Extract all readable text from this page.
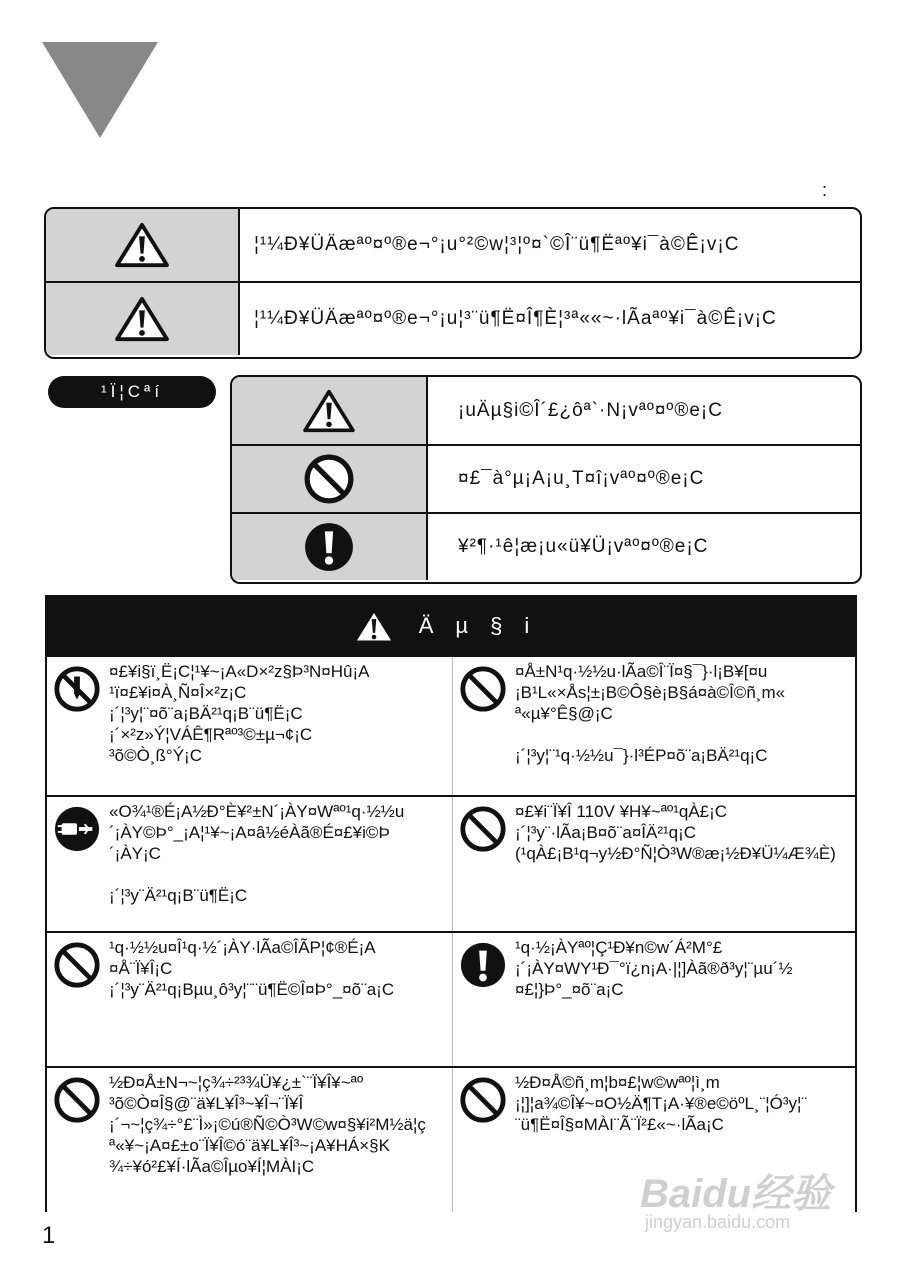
:
¦¹¼Ð¥ÜÄæªº¤º®e¬°¡u°²©w¦³¦º¤`©Î¨ü¶Ëªº¥i¯à©Ê¡v¡C
¦¹¼Ð¥ÜÄæªº¤º®e¬°¡u¦³¨ü¶Ë¤Î¶È¦³ª««~·lÃaªº¥i¯à©Ê¡v¡C
¹Ï¦Cªí
¡uÄµ§i©Î´£¿ôª`·N¡vªº¤º®e¡C
¤£¯à°µ¡A¡u¸T¤î¡vªº¤º®e¡C
¥²¶·¹ê¦æ¡u«ü¥Ü¡vªº¤º®e¡C
Äµ§i
¤£¥i§ï¸Ë¡C¦¹¥~¡A«D×²z§Þ³N¤Hû¡A
¹ï¤£¥i¤À¸Ñ¤Î×²z¡C
¡´¦³y¦¨¤õ¨a¡BÄ²¹q¡B¨ü¶Ë¡C
¡´×²z»Ý¦VÁÊ¶Rªº³©±µ¬¢¡C
³õ©Ò¸ß°Ý¡C
¤Å±N¹q·½½u·lÃa©Î¨Ï¤§¯}·l¡B¥[¤u
¡B¹L«×Ås¦±¡B©Ô§è¡B§á¤à©Î©ñ¸m«
ª«µ¥°Ê§@¡C

¡´¦³y¦¨¹q·½½u¯}·l³ÉP¤õ¨a¡BÄ²¹q¡C
«O¾¹®É¡A½Ð°È¥²±N´¡ÀY¤Wªº¹q·½½u
´¡ÀY©Þ°_¡A¦¹¥~¡A¤â½éÀã®É¤£¥i©Þ
´¡ÀY¡C

¡´¦³y¨Ä²¹q¡B¨ü¶Ë¡C
¤£¥i¨Ï¥Î 110V ¥H¥~ªº¹qÀ£¡C
¡´¦³y¨·lÃa¡B¤õ¨a¤ÎÄ²¹q¡C
(¹qÀ£¡B¹q¬y½Ð°Ñ¦Ò³W®æ¡½Ð¥Ü¼Æ¾È)
¹q·½½u¤Î¹q·½´¡ÀY·lÃa©ÎÃP¦¢®É¡A
¤Å¨Ï¥Î¡C
¡´¦³y¨Ä²¹q¡Bµu¸ô³y¦¨¨ü¶Ë©Î¤Þ°_¤õ¨a¡C
¹q·½¡ÀYªº¦Ç¹Ð¥n©w´Á²M°£
¡´¡ÀY¤WY¹Ð¯°ï¿n¡A·|¦]Àã®ð³y¦¨µu´½
¤£¦}Þ°_¤õ¨a¡C
½Ð¤Å±N¬~¦ç¾÷²³¾Ü¥¿±`¨Ï¥Î¥~ªº
³õ©Ò¤Î§@¨ä¥L¥Î³~¥Î¬¨Ï¥Î
¡´¬~¦ç¾÷°£¨Ì»¡©ú®Ñ©Ò³W©w¤§¥i²M½ä¦ç
ª«¥~¡A¤£±o¨Ï¥Î©ó¨ä¥L¥Î³~¡A¥HÁ×§K
¾÷¥ó²£¥Í·lÃa©Îµo¥Í¦MÀI¡C
½Ð¤Å©ñ¸m¦b¤£¦w©wªº¦ì¸m
¡¦]¦a¾©Î¥~¤O½Ä¶T¡A·¥®e©öºL¸¨¦Ó³y¦¨
¨ü¶Ë¤Î§¤MÀI¨Ã¨Ï²£«~·lÃa¡C
1
Baidu经验
jingyan.baidu.com
